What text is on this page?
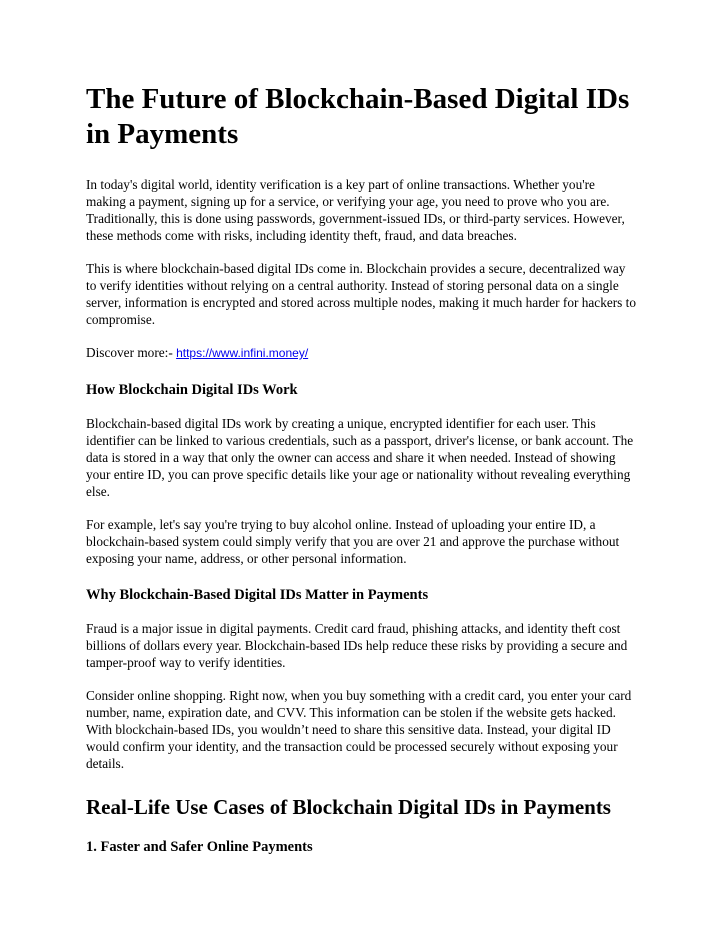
The Future of Blockchain-Based Digital IDs in Payments

In today's digital world, identity verification is a key part of online transactions. Whether you're making a payment, signing up for a service, or verifying your age, you need to prove who you are. Traditionally, this is done using passwords, government-issued IDs, or third-party services. However, these methods come with risks, including identity theft, fraud, and data breaches.

This is where blockchain-based digital IDs come in. Blockchain provides a secure, decentralized way to verify identities without relying on a central authority. Instead of storing personal data on a single server, information is encrypted and stored across multiple nodes, making it much harder for hackers to compromise.

Discover more:- https://www.infini.money/

How Blockchain Digital IDs Work

Blockchain-based digital IDs work by creating a unique, encrypted identifier for each user. This identifier can be linked to various credentials, such as a passport, driver's license, or bank account. The data is stored in a way that only the owner can access and share it when needed. Instead of showing your entire ID, you can prove specific details like your age or nationality without revealing everything else.

For example, let's say you're trying to buy alcohol online. Instead of uploading your entire ID, a blockchain-based system could simply verify that you are over 21 and approve the purchase without exposing your name, address, or other personal information.

Why Blockchain-Based Digital IDs Matter in Payments

Fraud is a major issue in digital payments. Credit card fraud, phishing attacks, and identity theft cost billions of dollars every year. Blockchain-based IDs help reduce these risks by providing a secure and tamper-proof way to verify identities.

Consider online shopping. Right now, when you buy something with a credit card, you enter your card number, name, expiration date, and CVV. This information can be stolen if the website gets hacked. With blockchain-based IDs, you wouldn’t need to share this sensitive data. Instead, your digital ID would confirm your identity, and the transaction could be processed securely without exposing your details.

Real-Life Use Cases of Blockchain Digital IDs in Payments
1. Faster and Safer Online Payments
